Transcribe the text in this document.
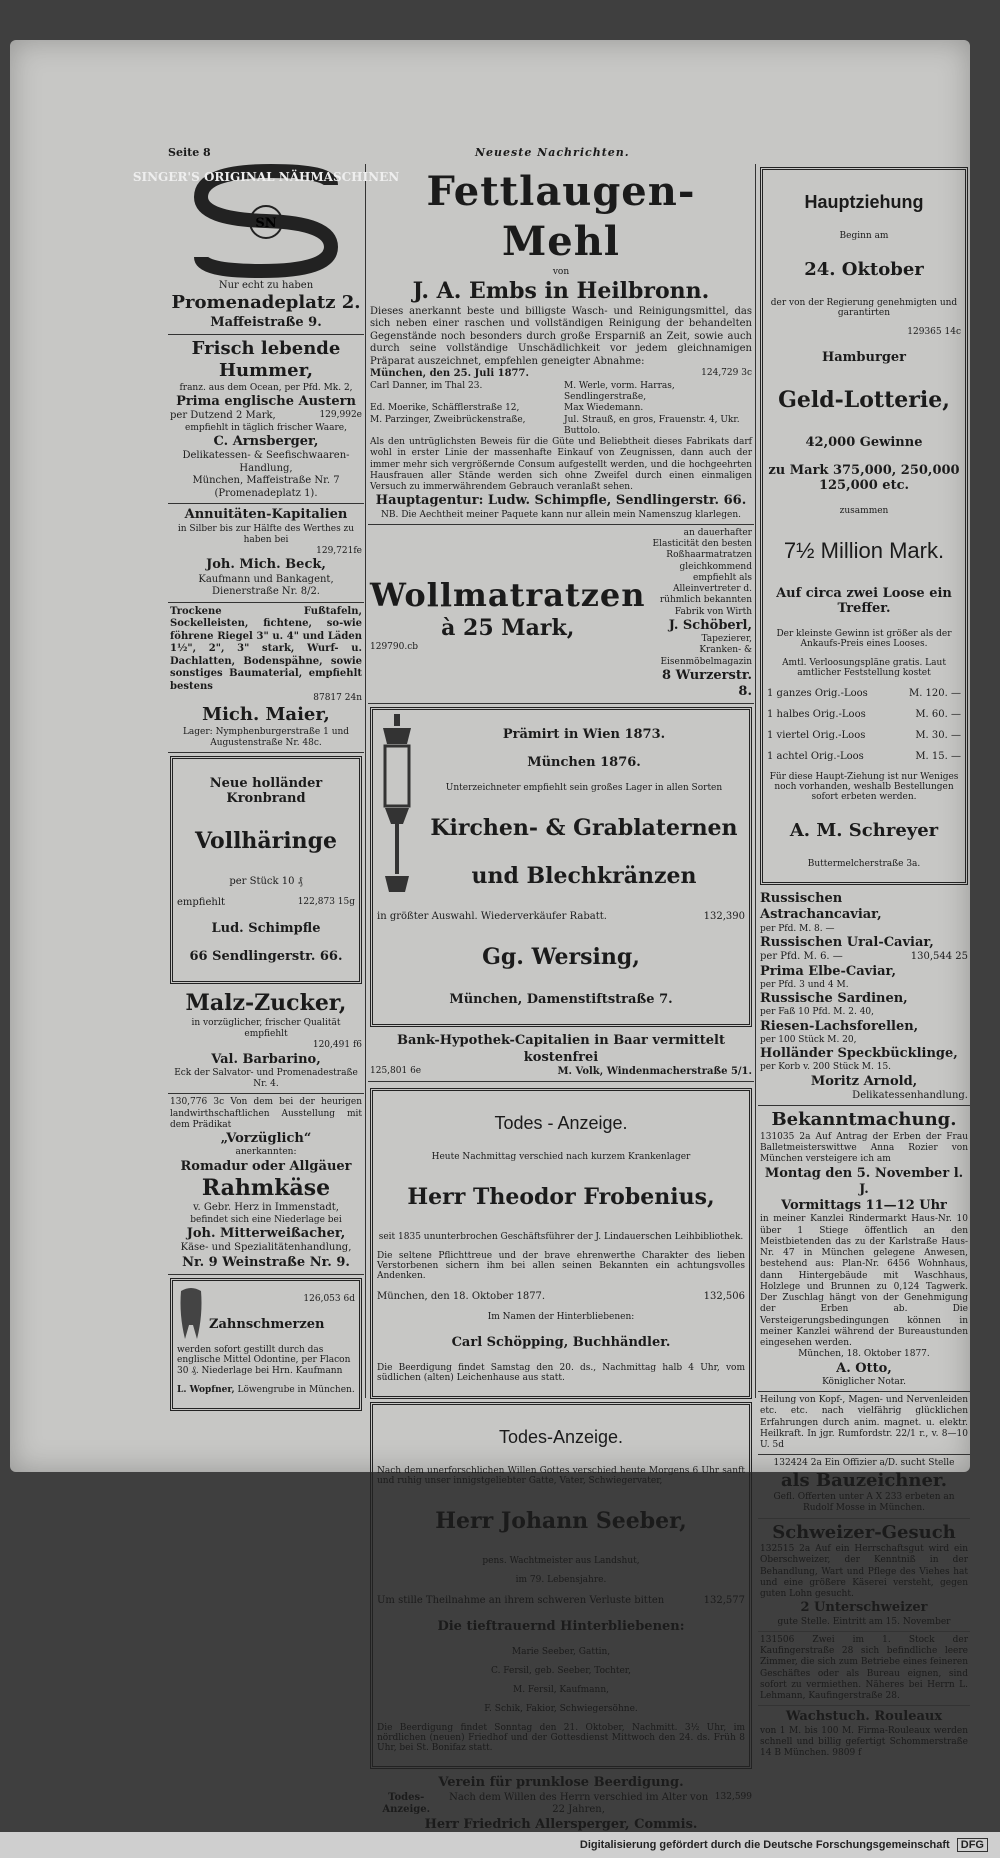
Seite 8	Neueste Nachrichten.
SN
SINGER'S ORIGINAL NÄHMASCHINEN

Nur echt zu haben

Promenadeplatz 2.

Maffeistraße 9.

Frisch lebende Hummer,

franz. aus dem Ocean, per Pfd. Mk. 2,

Prima englische Austern

per Dutzend 2 Mark,	129,992e

empfiehlt in täglich frischer Waare,

C. Arnsberger,

Delikatessen- & Seefischwaaren-Handlung,

München, Maffeistraße Nr. 7

(Promenadeplatz 1).

Annuitäten-Kapitalien

in Silber bis zur Hälfte des Werthes zu haben bei

129,721fe

Joh. Mich. Beck,

Kaufmann und Bankagent,

Dienerstraße Nr. 8/2.

Trockene Fußtafeln, Sockelleisten, fichtene, so-wie föhrene Riegel 3" u. 4" und Läden 1½", 2", 3" stark, Wurf- u. Dachlatten, Bodenspähne, sowie sonstiges Baumaterial, empfiehlt bestens

87817 24n

Mich. Maier,

Lager: Nymphenburgerstraße 1 und Augustenstraße Nr. 48c.

Neue holländer Kronbrand

Vollhäringe

per Stück 10 ₰

empfiehlt	122,873 15g

Lud. Schimpfle

66 Sendlingerstr. 66.

Malz-Zucker,

in vorzüglicher, frischer Qualität empfiehlt

120,491 f6

Val. Barbarino,

Eck der Salvator- und Promenadestraße Nr. 4.

130,776 3c Von dem bei der heurigen landwirthschaftlichen Ausstellung mit dem Prädikat

„Vorzüglich“

anerkannten:

Romadur oder Allgäuer

Rahmkäse

v. Gebr. Herz in Immenstadt,

befindet sich eine Niederlage bei

Joh. Mitterweißacher,

Käse- und Spezialitätenhandlung,

Nr. 9 Weinstraße Nr. 9.

126,053 6d

Zahnschmerzen

werden sofort gestillt durch das englische Mittel Odontine, per Flacon 30 ₰. Niederlage bei Hrn. Kaufmann

L. Wopfner, Löwengrube in München.

Fettlaugen-Mehl

von

J. A. Embs in Heilbronn.

Dieses anerkannt beste und billigste Wasch- und Reinigungsmittel, das sich neben einer raschen und vollständigen Reinigung der behandelten Gegenstände noch besonders durch große Ersparniß an Zeit, sowie auch durch seine vollständige Unschädlichkeit vor jedem gleichnamigen Präparat auszeichnet, empfehlen geneigter Abnahme:

München, den 25. Juli 1877.	124,729 3c

Carl Danner, im Thal 23.	M. Werle, vorm. Harras, Sendlingerstraße,
Ed. Moerike, Schäfflerstraße 12,	Max Wiedemann.
M. Parzinger, Zweibrückenstraße,	Jul. Strauß, en gros, Frauenstr. 4, Ukr. Buttolo.

Als den untrüglichsten Beweis für die Güte und Beliebtheit dieses Fabrikats darf wohl in erster Linie der massenhafte Einkauf von Zeugnissen, dann auch der immer mehr sich vergrößernde Consum aufgestellt werden, und die hochgeehrten Hausfrauen aller Stände werden sich ohne Zweifel durch einen einmaligen Versuch zu immerwährendem Gebrauch veranlaßt sehen.

Hauptagentur: Ludw. Schimpfle, Sendlingerstr. 66.

NB. Die Aechtheit meiner Paquete kann nur allein mein Namenszug klarlegen.

Wollmatratzen

à 25 Mark,

129790.cb

an dauerhafter Elasticität den besten Roßhaarmatratzen gleichkommend empfiehlt als Alleinvertreter d. rühmlich bekannten Fabrik von Wirth

J. Schöberl,

Tapezierer,

Kranken- & Eisenmöbelmagazin

8 Wurzerstr. 8.

Prämirt in Wien 1873.

München 1876.

Unterzeichneter empfiehlt sein großes Lager in allen Sorten

Kirchen- & Grablaternen

und Blechkränzen

in größter Auswahl. Wiederverkäufer Rabatt.	132,390

Gg. Wersing,

München, Damenstiftstraße 7.

Bank-Hypothek-Capitalien in Baar vermittelt kostenfrei

125,801 6e	M. Volk, Windenmacherstraße 5/1.

Todes - Anzeige.

Heute Nachmittag verschied nach kurzem Krankenlager

Herr Theodor Frobenius,

seit 1835 ununterbrochen Geschäftsführer der J. Lindauerschen Leihbibliothek.

Die seltene Pflichttreue und der brave ehrenwerthe Charakter des lieben Verstorbenen sichern ihm bei allen seinen Bekannten ein achtungsvolles Andenken.

München, den 18. Oktober 1877.	132,506

Im Namen der Hinterbliebenen:

Carl Schöpping, Buchhändler.

Die Beerdigung findet Samstag den 20. ds., Nachmittag halb 4 Uhr, vom südlichen (alten) Leichenhause aus statt.

Todes-Anzeige.

Nach dem unerforschlichen Willen Gottes verschied heute Morgens 6 Uhr sanft und ruhig unser innigstgeliebter Gatte, Vater, Schwiegervater,

Herr Johann Seeber,

pens. Wachtmeister aus Landshut,

im 79. Lebensjahre.

Um stille Theilnahme an ihrem schweren Verluste bitten	132,577

Die tieftrauernd Hinterbliebenen:

Marie Seeber, Gattin,

C. Fersil, geb. Seeber, Tochter,

M. Fersil, Kaufmann,

F. Schik, Fakior, Schwiegersöhne.

Die Beerdigung findet Sonntag den 21. Oktober, Nachmitt. 3½ Uhr, im nördlichen (neuen) Friedhof und der Gottesdienst Mittwoch den 24. ds. Früh 8 Uhr, bei St. Bonifaz statt.

Verein für prunklose Beerdigung.

Todes-Anzeige.
Nach dem Willen des Herrn verschied im Alter von 22 Jahren,
132,599

Herr Friedrich Allersperger, Commis.

Hauptziehung

Beginn am

24. Oktober

der von der Regierung genehmigten und garantirten

129365 14c

Hamburger

Geld-Lotterie,

42,000 Gewinne

zu Mark 375,000, 250,000 125,000 etc.

zusammen

7½ Million Mark.

Auf circa zwei Loose ein Treffer.

Der kleinste Gewinn ist größer als der Ankaufs-Preis eines Looses.

Amtl. Verloosungspläne gratis. Laut amtlicher Feststellung kostet

1 ganzes Orig.-Loos	M. 120. —

1 halbes Orig.-Loos	M. 60. —

1 viertel Orig.-Loos	M. 30. —

1 achtel Orig.-Loos	M. 15. —

Für diese Haupt-Ziehung ist nur Weniges noch vorhanden, weshalb Bestellungen sofort erbeten werden.

A. M. Schreyer

Buttermelcherstraße 3a.

Russischen Astrachancaviar,

per Pfd. M. 8. —

Russischen Ural-Caviar,

per Pfd. M. 6. —	130,544 25

Prima Elbe-Caviar,

per Pfd. 3 und 4 M.

Russische Sardinen,

per Faß 10 Pfd. M. 2. 40,

Riesen-Lachsforellen,

per 100 Stück M. 20,

Holländer Speckbücklinge,

per Korb v. 200 Stück M. 15.

Moritz Arnold,

Delikatessenhandlung.

Bekanntmachung.

131035 2a Auf Antrag der Erben der Frau Balletmeisterswittwe Anna Rozier von München versteigere ich am

Montag den 5. November l. J.

Vormittags 11—12 Uhr

in meiner Kanzlei Rindermarkt Haus-Nr. 10 über 1 Stiege öffentlich an den Meistbietenden das zu der Karlstraße Haus-Nr. 47 in München gelegene Anwesen, bestehend aus: Plan-Nr. 6456 Wohnhaus, dann Hintergebäude mit Waschhaus, Holzlege und Brunnen zu 0,124 Tagwerk. Der Zuschlag hängt von der Genehmigung der Erben ab. Die Versteigerungsbedingungen können in meiner Kanzlei während der Bureaustunden eingesehen werden.

München, 18. Oktober 1877.

A. Otto,

Königlicher Notar.

Heilung von Kopf-, Magen- und Nervenleiden etc. etc. nach vielfährig glücklichen Erfahrungen durch anim. magnet. u. elektr. Heilkraft. In jgr. Rumfordstr. 22/1 r., v. 8—10 U. 5d

132424 2a Ein Offizier a/D. sucht Stelle

als Bauzeichner.

Gefl. Offerten unter A X 233 erbeten an Rudolf Mosse in München.

Schweizer-Gesuch

132515 2a Auf ein Herrschaftsgut wird ein Oberschweizer, der Kenntniß in der Behandlung, Wart und Pflege des Viehes hat und eine größere Käserei versteht, gegen guten Lohn gesucht.

2 Unterschweizer

gute Stelle. Eintritt am 15. November

131506 Zwei im 1. Stock der Kaufingerstraße 28 sich befindliche leere Zimmer, die sich zum Betriebe eines feineren Geschäftes oder als Bureau eignen, sind sofort zu vermiethen. Näheres bei Herrn L. Lehmann, Kaufingerstraße 28.

Wachstuch. Rouleaux

von 1 M. bis 100 M. Firma-Rouleaux werden schnell und billig gefertigt Schommerstraße 14 B München. 9809 f

Digitalisierung gefördert durch die Deutsche Forschungsgemeinschaft DFG
